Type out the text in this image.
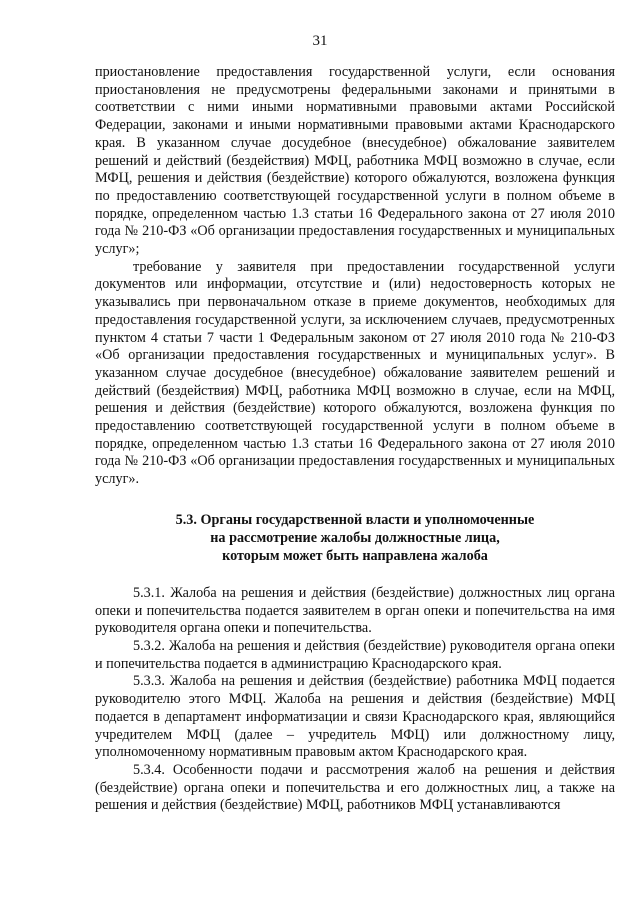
31

приостановление предоставления государственной услуги, если основания приостановления не предусмотрены федеральными законами и принятыми в соответствии с ними иными нормативными правовыми актами Российской Федерации, законами и иными нормативными правовыми актами Краснодарского края. В указанном случае досудебное (внесудебное) обжалование заявителем решений и действий (бездействия) МФЦ, работника МФЦ возможно в случае, если МФЦ, решения и действия (бездействие) которого обжалуются, возложена функция по предоставлению соответствующей государственной услуги в полном объеме в порядке, определенном частью 1.3 статьи 16 Федерального закона от 27 июля 2010 года № 210-ФЗ «Об организации предоставления государственных и муниципальных услуг»;

требование у заявителя при предоставлении государственной услуги документов или информации, отсутствие и (или) недостоверность которых не указывались при первоначальном отказе в приеме документов, необходимых для предоставления государственной услуги, за исключением случаев, предусмотренных пунктом 4 статьи 7 части 1 Федеральным законом от 27 июля 2010 года № 210-ФЗ «Об организации предоставления государственных и муниципальных услуг». В указанном случае досудебное (внесудебное) обжалование заявителем решений и действий (бездействия) МФЦ, работника МФЦ возможно в случае, если на МФЦ, решения и действия (бездействие) которого обжалуются, возложена функция по предоставлению соответствующей государственной услуги в полном объеме в порядке, определенном частью 1.3 статьи 16 Федерального закона от 27 июля 2010 года № 210-ФЗ «Об организации предоставления государственных и муниципальных услуг».

5.3. Органы государственной власти и уполномоченные
на рассмотрение жалобы должностные лица,
которым может быть направлена жалоба

5.3.1. Жалоба на решения и действия (бездействие) должностных лиц органа опеки и попечительства подается заявителем в орган опеки и попечительства на имя руководителя органа опеки и попечительства.

5.3.2. Жалоба на решения и действия (бездействие) руководителя органа опеки и попечительства подается в администрацию Краснодарского края.

5.3.3. Жалоба на решения и действия (бездействие) работника МФЦ подается руководителю этого МФЦ. Жалоба на решения и действия (бездействие) МФЦ подается в департамент информатизации и связи Краснодарского края, являющийся учредителем МФЦ (далее – учредитель МФЦ) или должностному лицу, уполномоченному нормативным правовым актом Краснодарского края.

5.3.4. Особенности подачи и рассмотрения жалоб на решения и действия (бездействие) органа опеки и попечительства и его должностных лиц, а также на решения и действия (бездействие) МФЦ, работников МФЦ устанавливаются
